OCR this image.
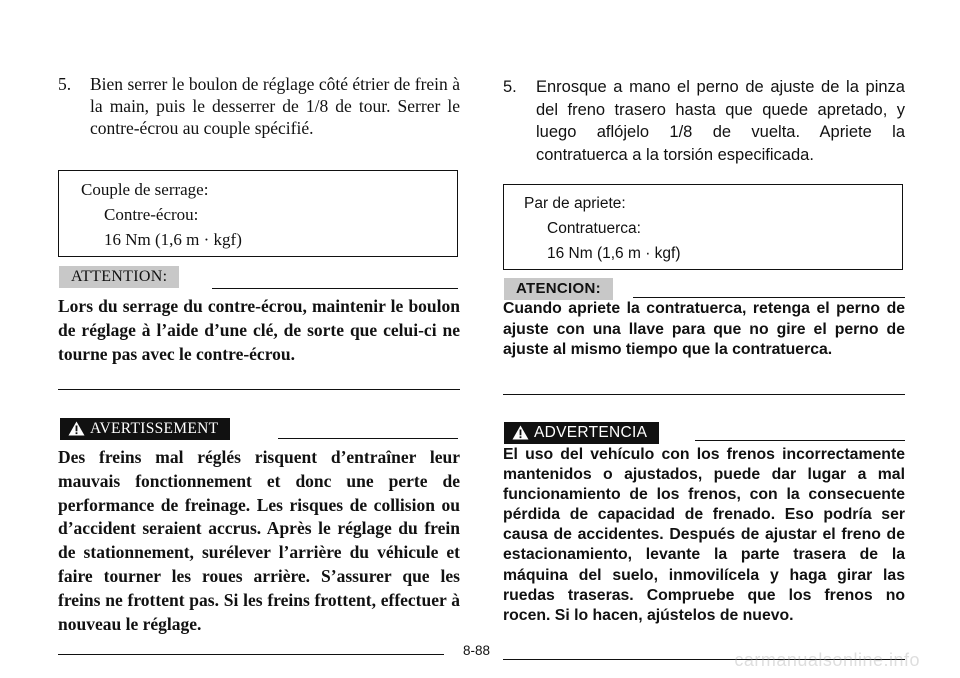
5. Bien serrer le boulon de réglage côté étrier de frein à la main, puis le desserrer de 1/8 de tour. Serrer le contre-écrou au couple spécifié.
Couple de serrage:
Contre-écrou:
16 Nm (1,6 m · kgf)
ATTENTION:
Lors du serrage du contre-écrou, maintenir le boulon de réglage à l’aide d’une clé, de sorte que celui-ci ne tourne pas avec le contre-écrou.
AVERTISSEMENT
Des freins mal réglés risquent d’entraîner leur mauvais fonctionnement et donc une perte de performance de freinage. Les risques de collision ou d’accident seraient accrus. Après le réglage du frein de stationnement, surélever l’arrière du véhicule et faire tourner les roues arrière. S’assurer que les freins ne frottent pas. Si les freins frottent, effectuer à nouveau le réglage.
5. Enrosque a mano el perno de ajuste de la pinza del freno trasero hasta que quede apretado, y luego aflójelo 1/8 de vuelta. Apriete la contratuerca a la torsión especificada.
Par de apriete:
Contratuerca:
16 Nm (1,6 m · kgf)
ATENCION:
Cuando apriete la contratuerca, retenga el perno de ajuste con una llave para que no gire el perno de ajuste al mismo tiempo que la contratuerca.
ADVERTENCIA
El uso del vehículo con los frenos incorrectamente mantenidos o ajustados, puede dar lugar a mal funcionamiento de los frenos, con la consecuente pérdida de capacidad de frenado. Eso podría ser causa de accidentes. Después de ajustar el freno de estacionamiento, levante la parte trasera de la máquina del suelo, inmovilícela y haga girar las ruedas traseras. Compruebe que los frenos no rocen. Si lo hacen, ajústelos de nuevo.
8-88	carmanualsonline.info
